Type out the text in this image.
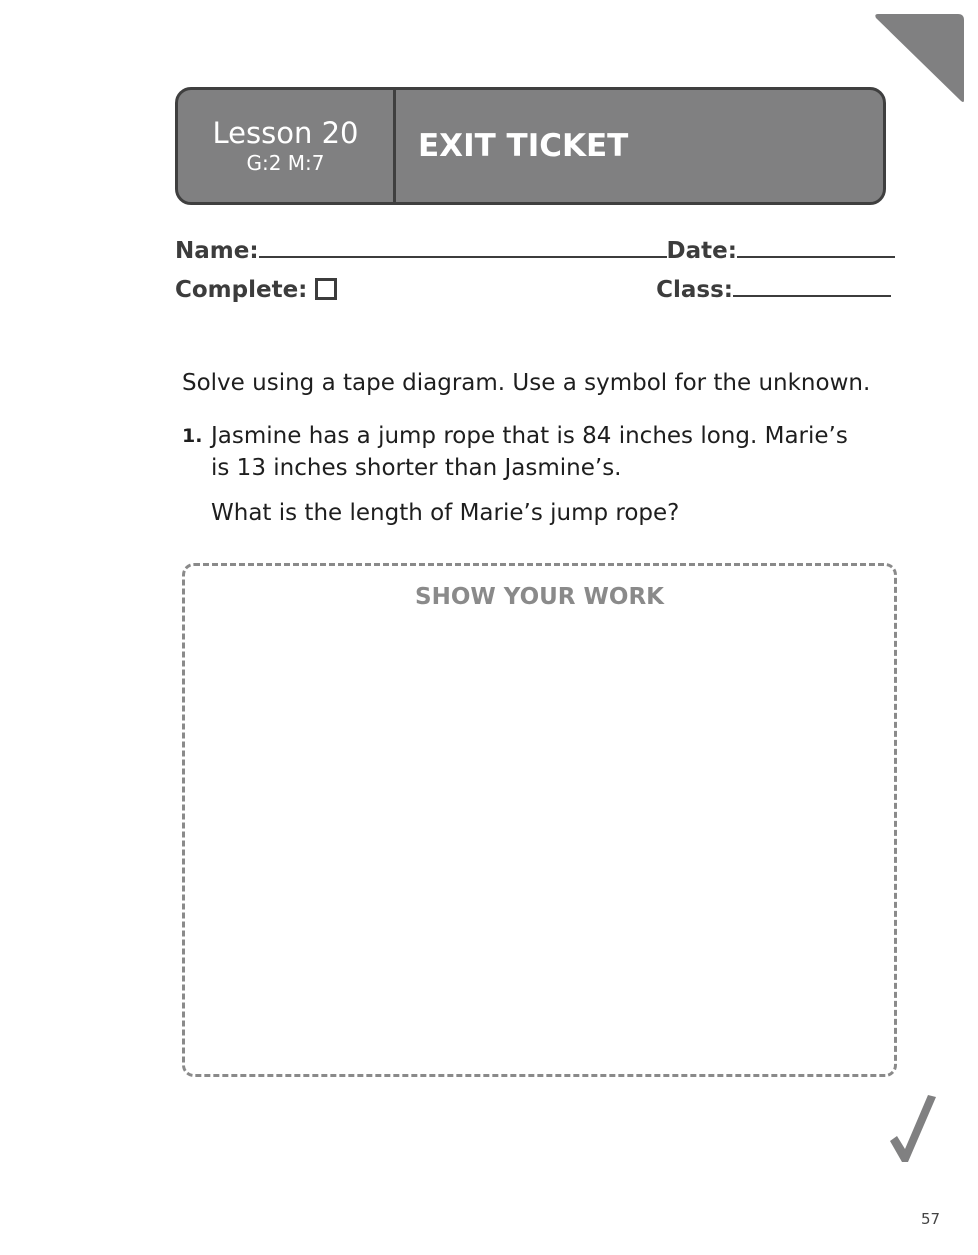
Lesson 20
G:2 M:7	EXIT TICKET
Name:	Date:
Complete:	Class:
Solve using a tape diagram. Use a symbol for the unknown.
1. Jasmine has a jump rope that is 84 inches long. Marie’s is 13 inches shorter than Jasmine’s.
What is the length of Marie’s jump rope?
SHOW YOUR WORK
57
